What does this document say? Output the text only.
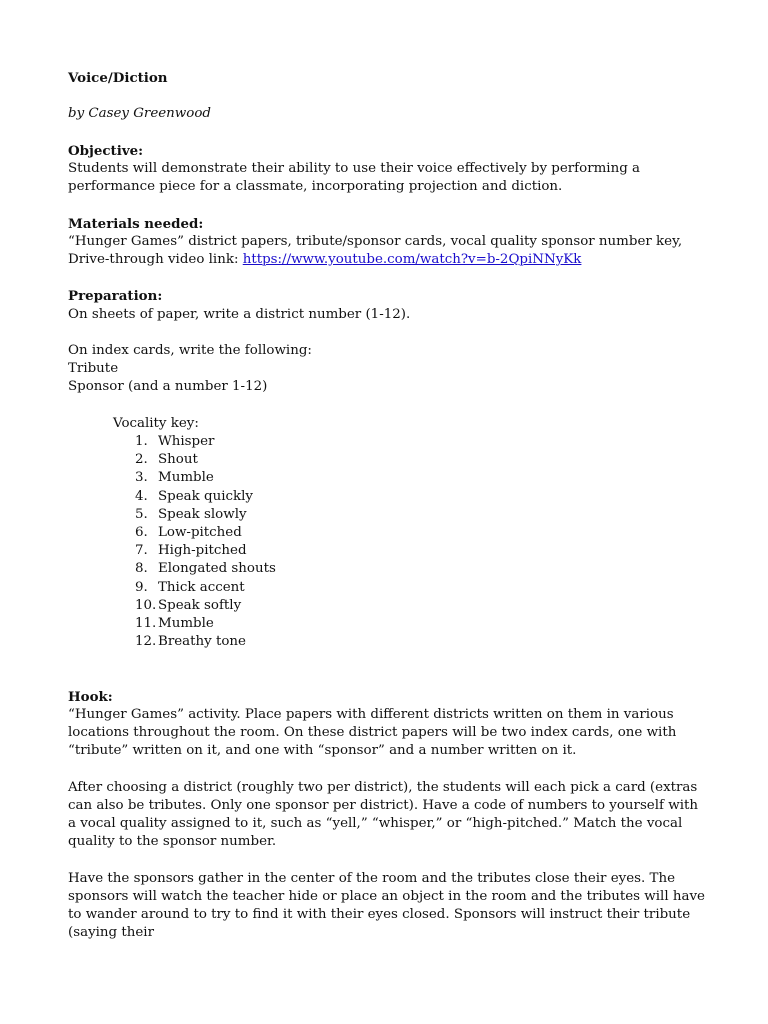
Voice/Diction

by Casey Greenwood

Objective:

Students will demonstrate their ability to use their voice effectively by performing a performance piece for a classmate, incorporating projection and diction.

Materials needed:

“Hunger Games” district papers, tribute/sponsor cards, vocal quality sponsor number key, Drive-through video link: https://www.youtube.com/watch?v=b-2QpiNNyKk

Preparation:

On sheets of paper, write a district number (1-12).

On index cards, write the following:

Tribute

Sponsor (and a number 1-12)

Vocality key:

1. Whisper
2. Shout
3. Mumble
4. Speak quickly
5. Speak slowly
6. Low-pitched
7. High-pitched
8. Elongated shouts
9. Thick accent
10. Speak softly
11. Mumble
12. Breathy tone

Hook:

“Hunger Games” activity. Place papers with different districts written on them in various locations throughout the room. On these district papers will be two index cards, one with “tribute” written on it, and one with “sponsor” and a number written on it.

After choosing a district (roughly two per district), the students will each pick a card (extras can also be tributes. Only one sponsor per district). Have a code of numbers to yourself with a vocal quality assigned to it, such as “yell,” “whisper,” or “high-pitched.” Match the vocal quality to the sponsor number.

Have the sponsors gather in the center of the room and the tributes close their eyes. The sponsors will watch the teacher hide or place an object in the room and the tributes will have to wander around to try to find it with their eyes closed. Sponsors will instruct their tribute (saying their
